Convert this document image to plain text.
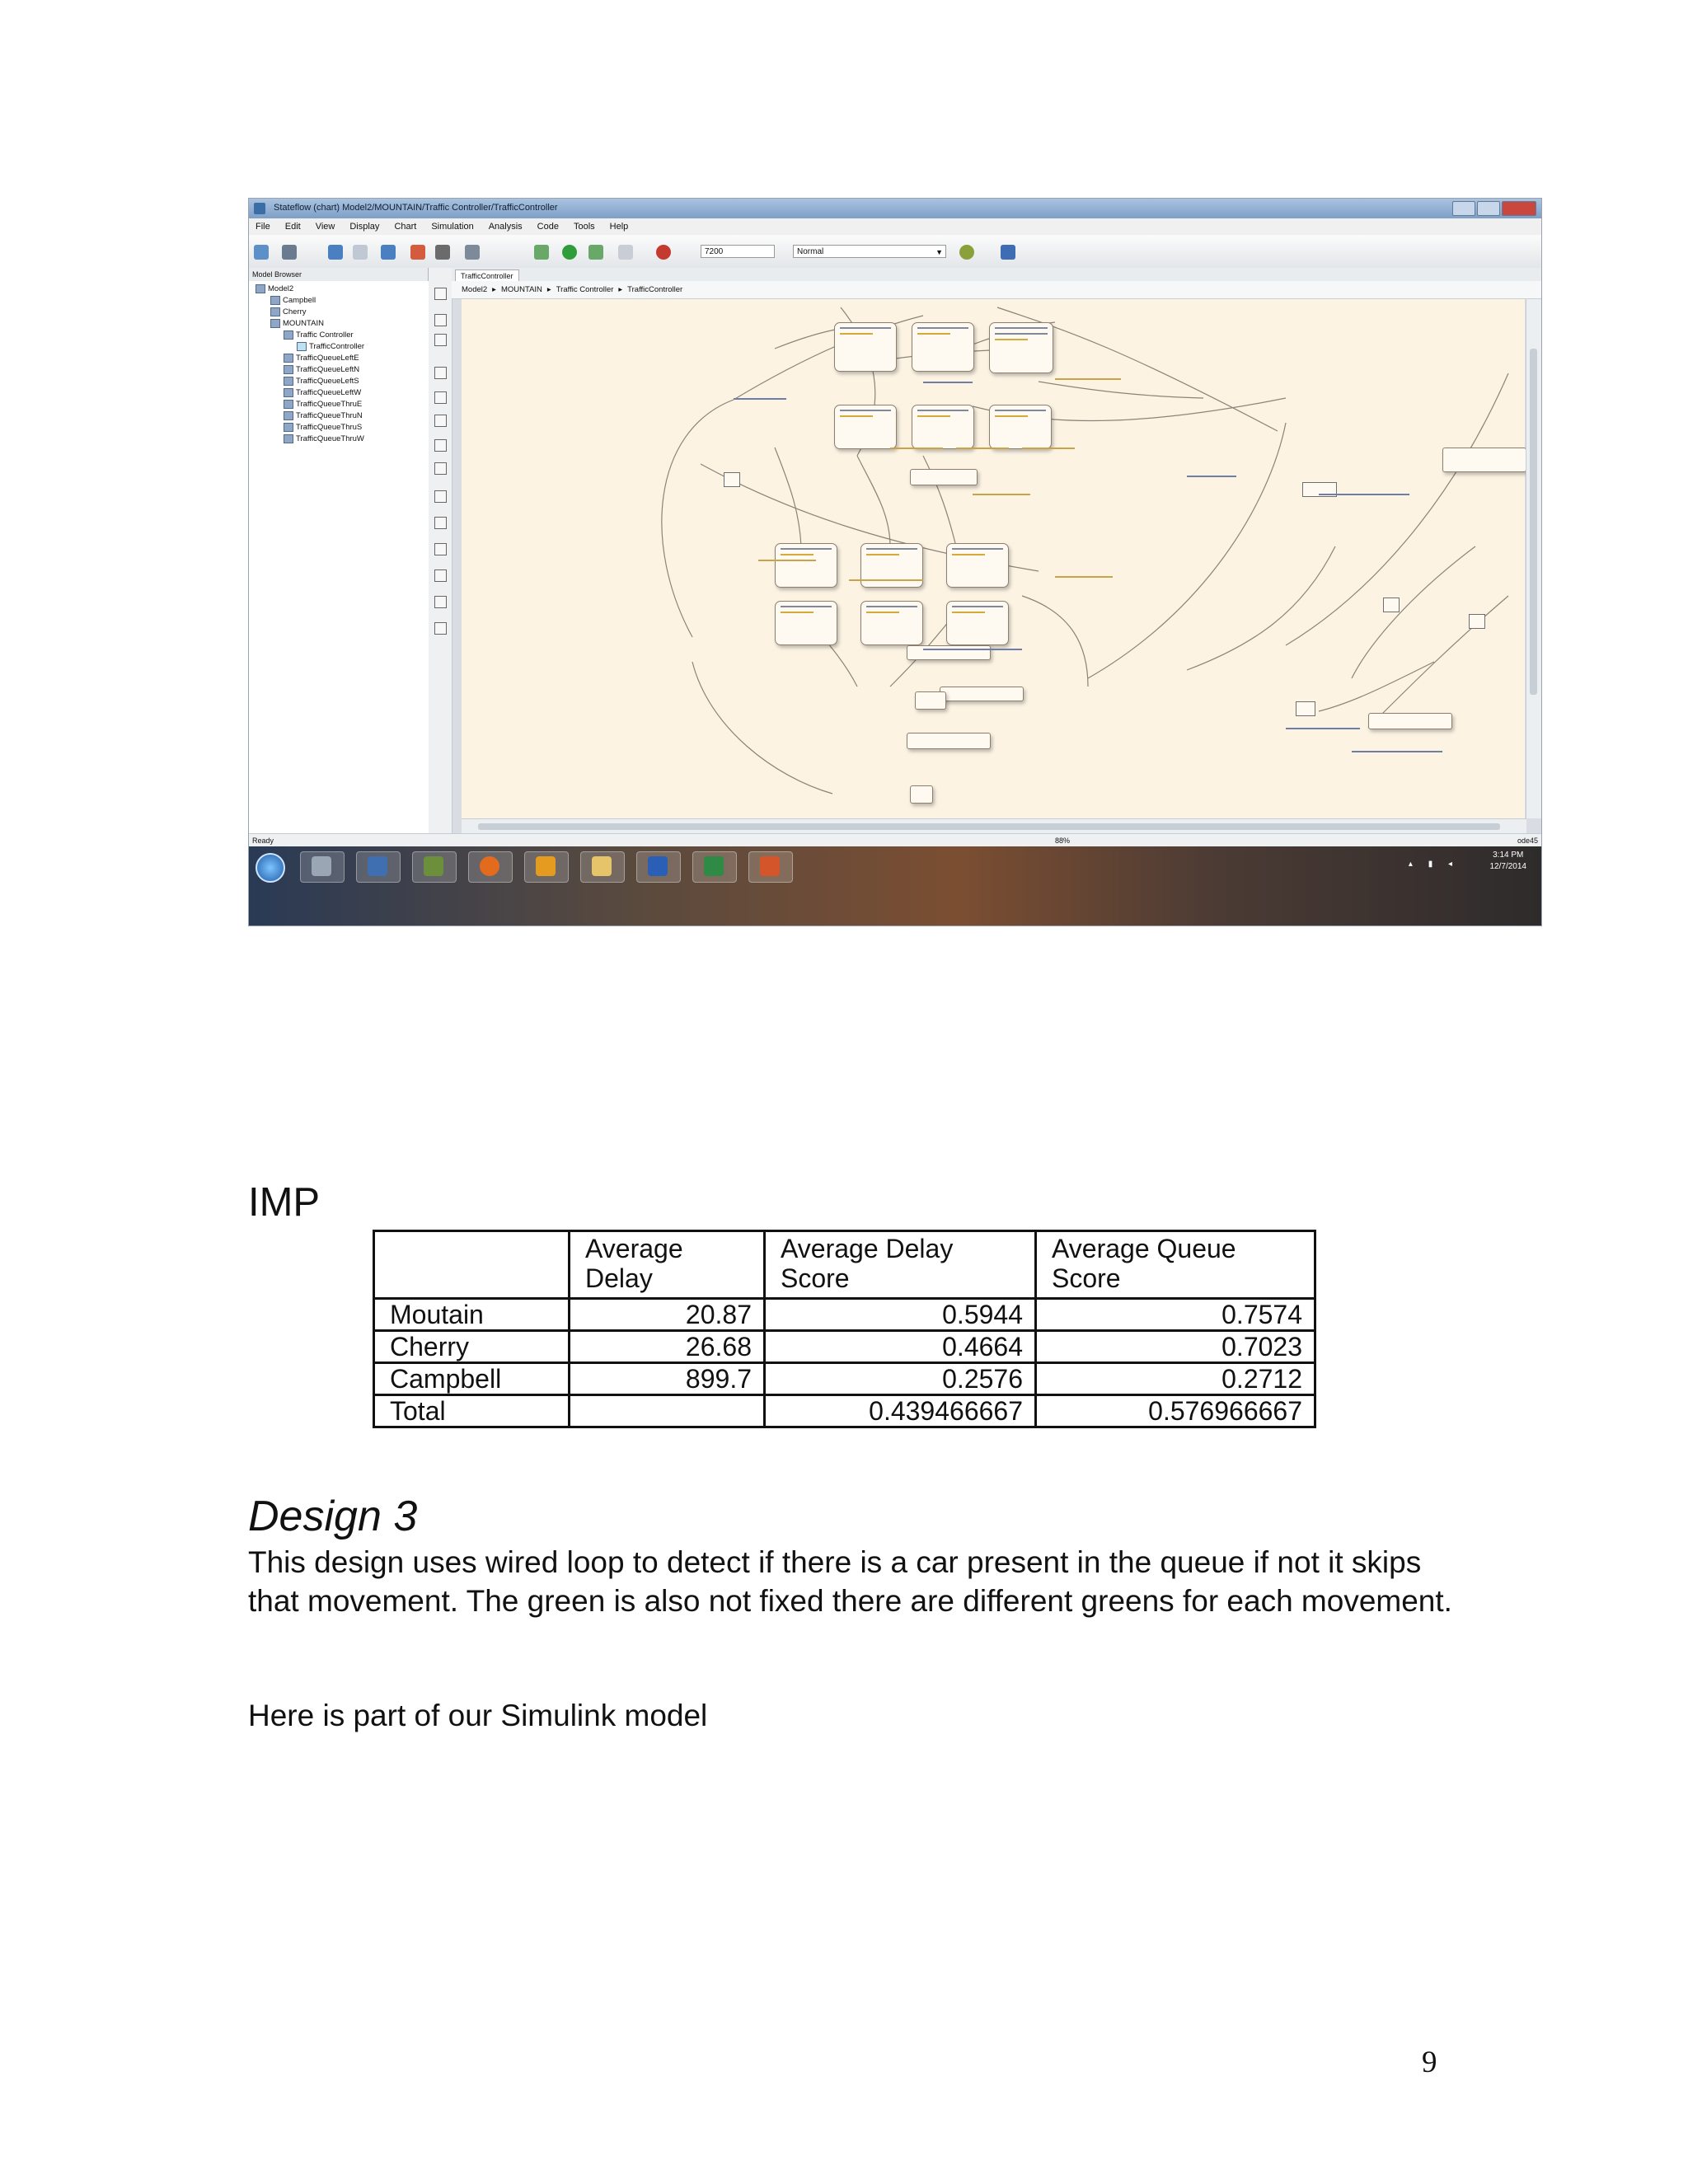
Stateflow (chart) Model2/MOUNTAIN/Traffic Controller/TrafficController
File Edit View Display Chart Simulation Analysis Code Tools Help
7200	Normal	▼
Model Browser
Model2
Campbell
Cherry
MOUNTAIN
Traffic Controller
TrafficController
TrafficQueueLeftE
TrafficQueueLeftN
TrafficQueueLeftS
TrafficQueueLeftW
TrafficQueueThruE
TrafficQueueThruN
TrafficQueueThruS
TrafficQueueThruW
TrafficController
Model2 ▸ MOUNTAIN ▸ Traffic Controller ▸ TrafficController
Ready	88%	ode45
▴ ▮ ◂
3:14 PM
12/7/2014
IMP
	Average Delay	Average Delay Score	Average Queue Score
Moutain	20.87	0.5944	0.7574
Cherry	26.68	0.4664	0.7023
Campbell	899.7	0.2576	0.2712
Total		0.439466667	0.576966667
Design 3
This design uses wired loop to detect if there is a car present in the queue if not it skips that movement. The green is also not fixed there are different greens for each movement.
Here is part of our Simulink model
9
